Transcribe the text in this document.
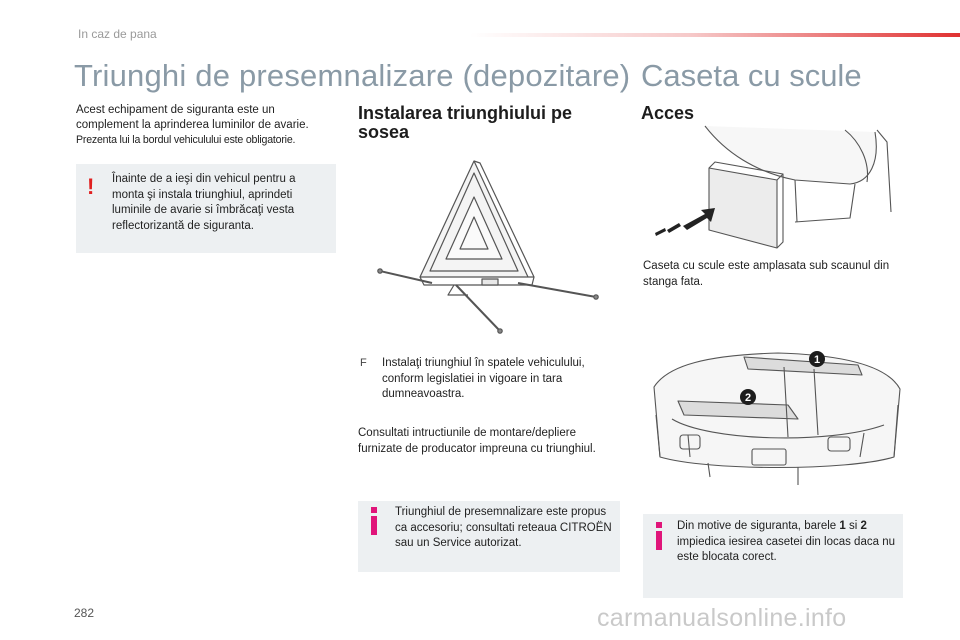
In caz de pana
Triunghi de presemnalizare (depozitare) Caseta cu scule
Acest echipament de siguranta este un complement la aprinderea luminilor de avarie.
Prezenta lui la bordul vehiculului este obligatorie.
! Înainte de a ieşi din vehicul pentru a monta şi instala triunghiul, aprindeti luminile de avarie si îmbrăcaţi vesta reflectorizantă de siguranta.
Instalarea triunghiului pe sosea
F Instalaţi triunghiul în spatele vehiculului, conform legislatiei in vigoare in tara dumneavoastra.
Consultati intructiunile de montare/depliere furnizate de producator impreuna cu triunghiul.
Triunghiul de presemnalizare este propus ca accesoriu; consultati reteaua CITROËN sau un Service autorizat.
Acces
Caseta cu scule este amplasata sub scaunul din stanga fata.
1
2
Din motive de siguranta, barele 1 si 2 impiedica iesirea casetei din locas daca nu este blocata corect.
282	carmanualsonline.info
